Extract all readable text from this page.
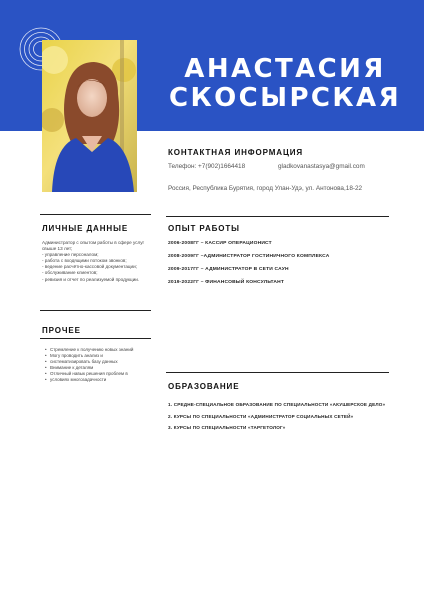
АНАСТАСИЯ
СКОСЫРСКАЯ
КОНТАКТНАЯ ИНФОРМАЦИЯ
Телефон: +7(902)1664418	gladkovanastasya@gmail.com
Россия, Республика Бурятия, город Улан-Удэ, ул. Антонова,18-22
ЛИЧНЫЕ ДАННЫЕ
Администратор с опытом работы в сфере услуг
свыше 13 лет;
- управление персоналом;
- работа с входящими потоком звонков;
- ведение расчётно-кассовой документации;
- обслуживание клиентов;
- ревизия и отчет по реализуемой продукции.
ОПЫТ РАБОТЫ
2006-2008ГГ – КАССИР ОПЕРАЦИОНИСТ
2008-2009ГГ –АДМИНИСТРАТОР ГОСТИНИЧНОГО КОМПЛЕКСА
2009-2017ГГ – АДМИНИСТРАТОР В СЕТИ САУН
2019-2022ГГ – ФИНАНСОВЫЙ КОНСУЛЬТАНТ
ПРОЧЕЕ
• Стремление к получению новых знаний
• Могу проводить анализ и
• систематизировать базу данных
• Внимание к деталям
• Отличный навык решения проблем в
• условиях многозадачности
ОБРАЗОВАНИЕ
1. СРЕДНЕ-СПЕЦИАЛЬНОЕ ОБРАЗОВАНИЕ ПО СПЕЦИАЛЬНОСТИ «АКУШЕРСКОЕ ДЕЛО»
2. КУРСЫ ПО СПЕЦИАЛЬНОСТИ «АДМИНИСТРАТОР СОЦИАЛЬНЫХ СЕТЕЙ»
3. КУРСЫ ПО СПЕЦИАЛЬНОСТИ «ТАРГЕТОЛОГ»
